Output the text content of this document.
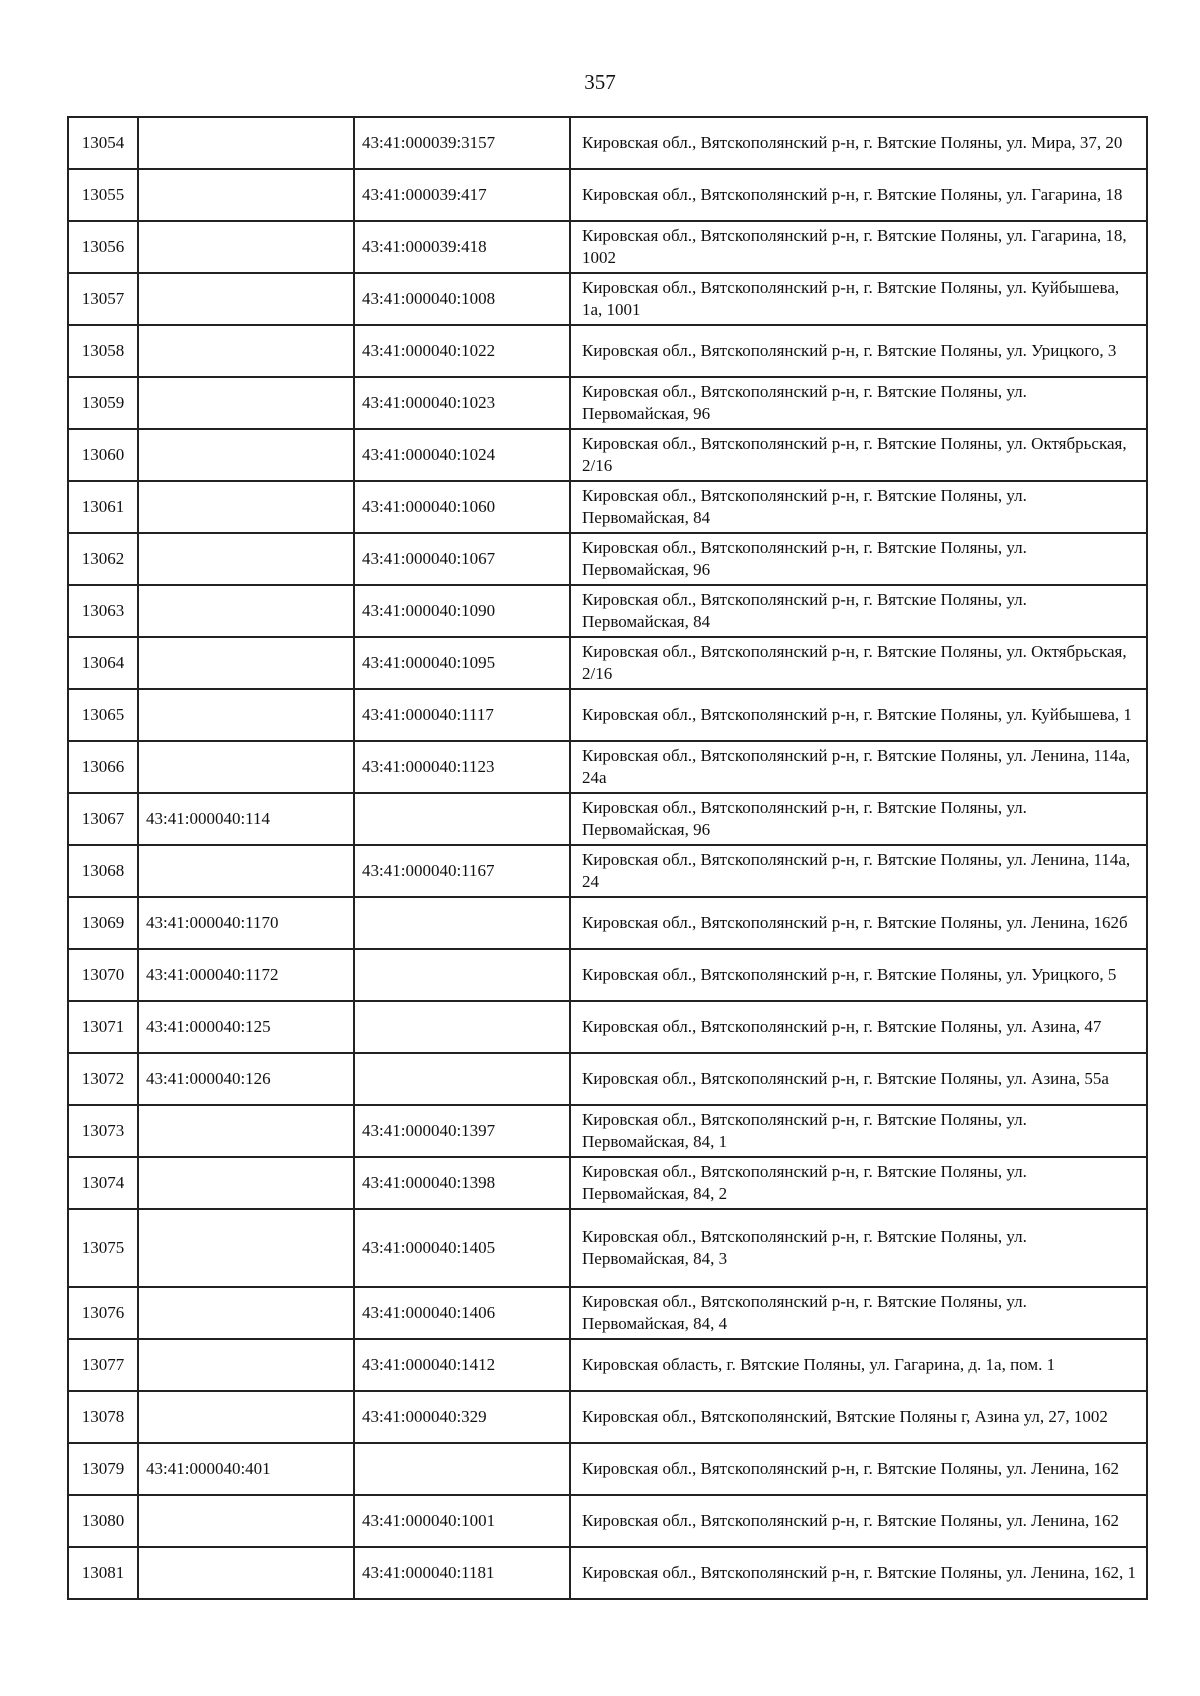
357
13054		43:41:000039:3157	Кировская обл., Вятскополянский р-н, г. Вятские Поляны, ул. Мира, 37, 20
13055		43:41:000039:417	Кировская обл., Вятскополянский р-н, г. Вятские Поляны, ул. Гагарина, 18
13056		43:41:000039:418	Кировская обл., Вятскополянский р-н, г. Вятские Поляны, ул. Гагарина, 18, 1002
13057		43:41:000040:1008	Кировская обл., Вятскополянский р-н, г. Вятские Поляны, ул. Куйбышева, 1а, 1001
13058		43:41:000040:1022	Кировская обл., Вятскополянский р-н, г. Вятские Поляны, ул. Урицкого, 3
13059		43:41:000040:1023	Кировская обл., Вятскополянский р-н, г. Вятские Поляны, ул. Первомайская, 96
13060		43:41:000040:1024	Кировская обл., Вятскополянский р-н, г. Вятские Поляны, ул. Октябрьская, 2/16
13061		43:41:000040:1060	Кировская обл., Вятскополянский р-н, г. Вятские Поляны, ул. Первомайская, 84
13062		43:41:000040:1067	Кировская обл., Вятскополянский р-н, г. Вятские Поляны, ул. Первомайская, 96
13063		43:41:000040:1090	Кировская обл., Вятскополянский р-н, г. Вятские Поляны, ул. Первомайская, 84
13064		43:41:000040:1095	Кировская обл., Вятскополянский р-н, г. Вятские Поляны, ул. Октябрьская, 2/16
13065		43:41:000040:1117	Кировская обл., Вятскополянский р-н, г. Вятские Поляны, ул. Куйбышева, 1
13066		43:41:000040:1123	Кировская обл., Вятскополянский р-н, г. Вятские Поляны, ул. Ленина, 114а, 24а
13067	43:41:000040:114		Кировская обл., Вятскополянский р-н, г. Вятские Поляны, ул. Первомайская, 96
13068		43:41:000040:1167	Кировская обл., Вятскополянский р-н, г. Вятские Поляны, ул. Ленина, 114а, 24
13069	43:41:000040:1170		Кировская обл., Вятскополянский р-н, г. Вятские Поляны, ул. Ленина, 162б
13070	43:41:000040:1172		Кировская обл., Вятскополянский р-н, г. Вятские Поляны, ул. Урицкого, 5
13071	43:41:000040:125		Кировская обл., Вятскополянский р-н, г. Вятские Поляны, ул. Азина, 47
13072	43:41:000040:126		Кировская обл., Вятскополянский р-н, г. Вятские Поляны, ул. Азина, 55а
13073		43:41:000040:1397	Кировская обл., Вятскополянский р-н, г. Вятские Поляны, ул. Первомайская, 84, 1
13074		43:41:000040:1398	Кировская обл., Вятскополянский р-н, г. Вятские Поляны, ул. Первомайская, 84, 2
13075		43:41:000040:1405	Кировская обл., Вятскополянский р-н, г. Вятские Поляны, ул. Первомайская, 84, 3
13076		43:41:000040:1406	Кировская обл., Вятскополянский р-н, г. Вятские Поляны, ул. Первомайская, 84, 4
13077		43:41:000040:1412	Кировская область, г. Вятские Поляны, ул. Гагарина, д. 1а, пом. 1
13078		43:41:000040:329	Кировская обл., Вятскополянский, Вятские Поляны г, Азина ул, 27, 1002
13079	43:41:000040:401		Кировская обл., Вятскополянский р-н, г. Вятские Поляны, ул. Ленина, 162
13080		43:41:000040:1001	Кировская обл., Вятскополянский р-н, г. Вятские Поляны, ул. Ленина, 162
13081		43:41:000040:1181	Кировская обл., Вятскополянский р-н, г. Вятские Поляны, ул. Ленина, 162, 1
